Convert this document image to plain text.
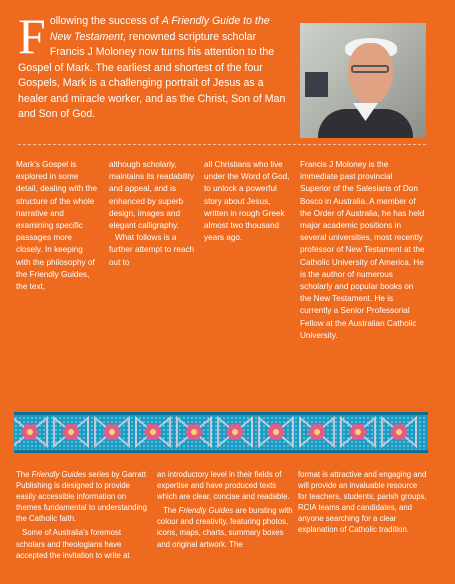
Following the success of A Friendly Guide to the New Testament, renowned scripture scholar Francis J Moloney now turns his attention to the Gospel of Mark. The earliest and shortest of the four Gospels, Mark is a challenging portrait of Jesus as a healer and miracle worker, and as the Christ, Son of Man and Son of God.
Mark's Gospel is explored in some detail, dealing with the structure of the whole narrative and examining specific passages more closely. In keeping with the philosophy of the Friendly Guides, the text,
although scholarly, maintains its readability and appeal, and is enhanced by superb design, images and elegant calligraphy.
What follows is a further attempt to reach out to
all Christians who live under the Word of God, to unlock a powerful story about Jesus, written in rough Greek almost two thousand years ago.
Francis J Moloney is the immediate past provincial Superior of the Salesians of Don Bosco in Australia. A member of the Order of Australia, he has held major academic positions in several universities, most recently professor of New Testament at the Catholic University of America. He is the author of numerous scholarly and popular books on the New Testament. He is currently a Senior Professorial Fellow at the Australian Catholic University.

The Friendly Guides series by Garratt Publishing is designed to provide easily accessible information on themes fundamental to understanding the Catholic faith.

Some of Australia's foremost scholars and theologians have accepted the invitation to write at

an introductory level in their fields of expertise and have produced texts which are clear, concise and readable.

The Friendly Guides are bursting with colour and creativity, featuring photos, icons, maps, charts, summary boxes and original artwork. The

format is attractive and engaging and will provide an invaluable resource for teachers, students, parish groups, RCIA teams and candidates, and anyone searching for a clear explanation of Catholic tradition.
